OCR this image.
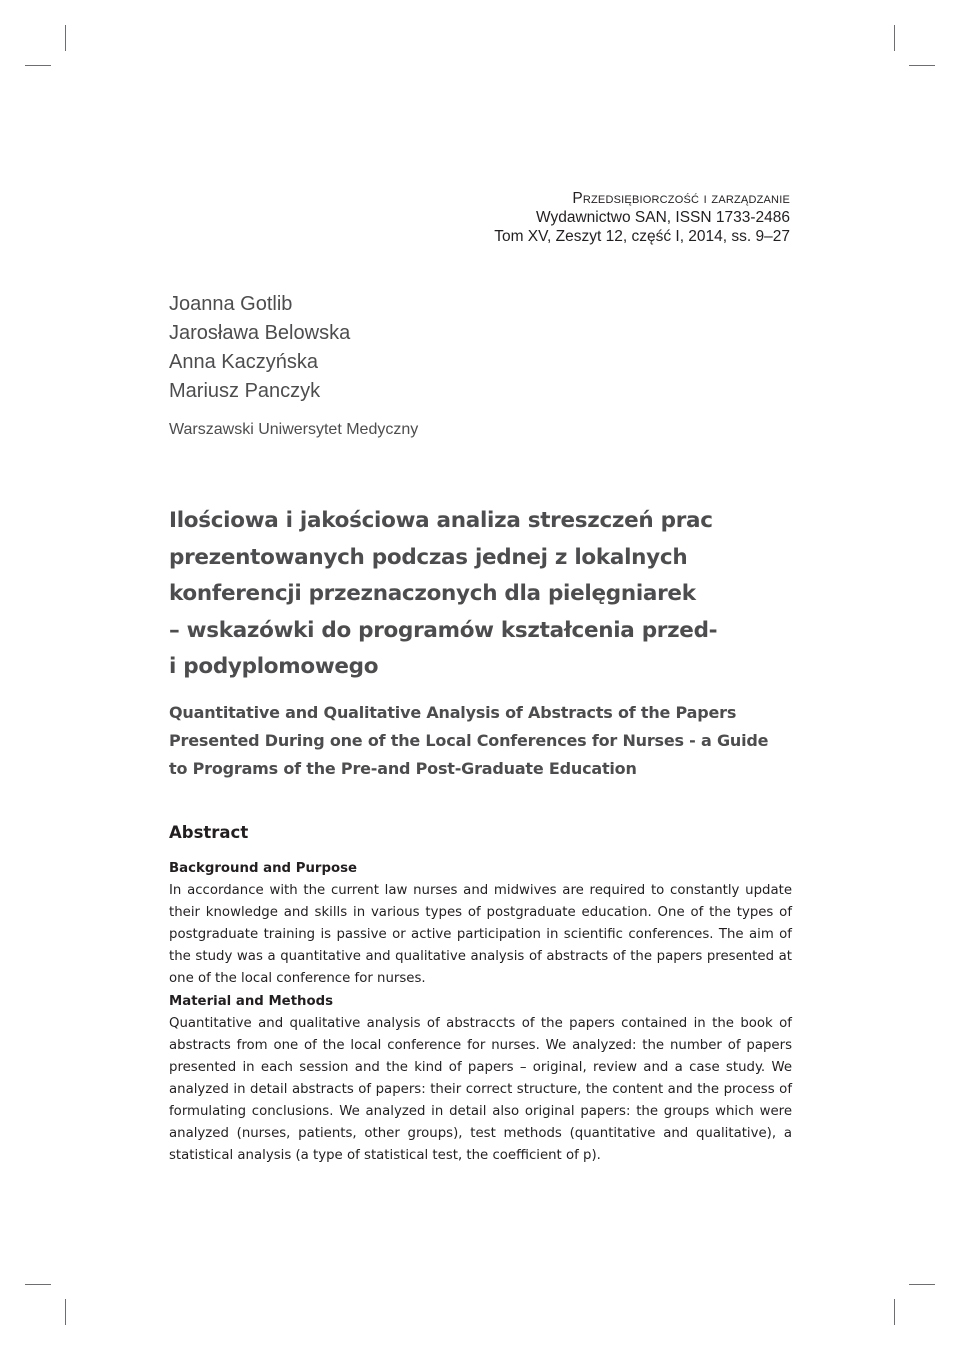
Przedsiębiorczość i zarządzanie
Wydawnictwo SAN, ISSN 1733-2486
Tom XV, Zeszyt 12, część I, 2014, ss. 9–27
Joanna Gotlib
Jarosława Belowska
Anna Kaczyńska
Mariusz Panczyk
Warszawski Uniwersytet Medyczny
Ilościowa i jakościowa analiza streszczeń prac
prezentowanych podczas jednej z lokalnych
konferencji przeznaczonych dla pielęgniarek
– wskazówki do programów kształcenia przed-
i podyplomowego
Quantitative and Qualitative Analysis of Abstracts of the Papers
Presented During one of the Local Conferences for Nurses - a Guide
to Programs of the Pre-and Post-Graduate Education
Abstract
Background and Purpose

In accordance with the current law nurses and midwives are required to constantly update their knowledge and skills in various types of postgraduate education. One of the types of postgraduate training is passive or active participation in scientific conferences. The aim of the study was a quantitative and qualitative analysis of abstracts of the papers presented at one of the local conference for nurses.

Material and Methods

Quantitative and qualitative analysis of abstraccts of the papers contained in the book of abstracts from one of the local conference for nurses. We analyzed: the number of papers presented in each session and the kind of papers – original, review and a case study. We analyzed in detail abstracts of papers: their correct structure, the content and the process of formulating conclusions. We analyzed in detail also original papers: the groups which were analyzed (nurses, patients, other groups), test methods (quantitative and qualitative), a statistical analysis (a type of statistical test, the coefficient of p).
